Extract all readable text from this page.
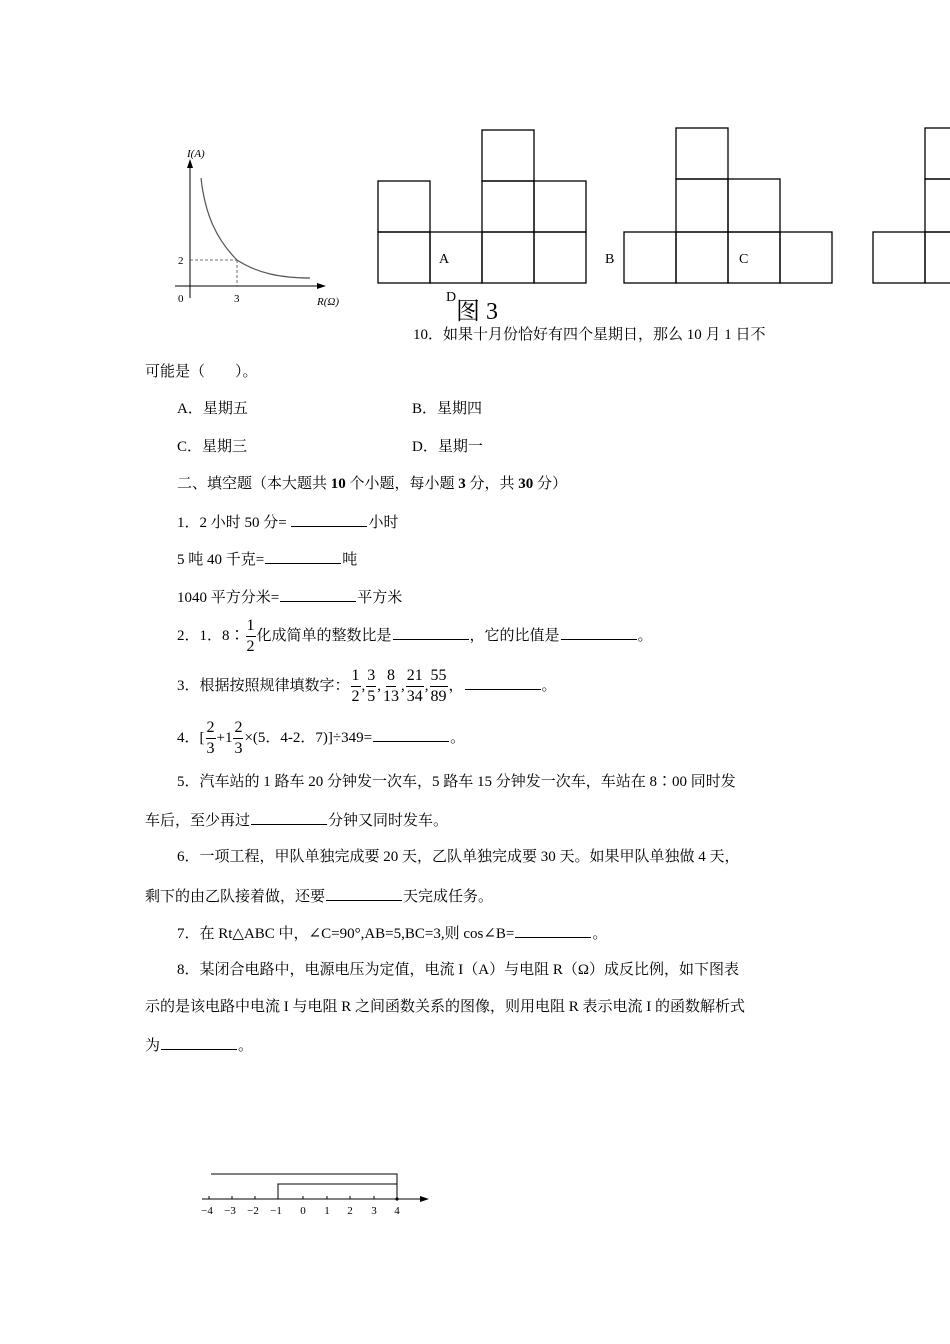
I(A)
R(Ω)
0
2
3
A	B	C
D
图 3
10．如果十月份恰好有四个星期日，那么 10 月 1 日不
可能是（　　）。
A．星期五	B．星期四
C．星期三	D．星期一
二、填空题（本大题共 10 个小题，每小题 3 分，共 30 分）
1．2 小时 50 分=	小时
5 吨 40 千克=	吨
1040 平方分米=	平方米
2．1．8∶ $\frac{1}{2}$ 化成简单的整数比是	，它的比值是	。
3．根据按照规律填数字： $\frac{1}{2}$ , $\frac{3}{5}$ , $\frac{8}{13}$ , $\frac{21}{34}$ , $\frac{55}{89}$ ，	。
4．[ $\frac{2}{3} +1 \frac{2}{3} \times(5$．4-2．7)]÷349=	。
5．汽车站的 1 路车 20 分钟发一次车，5 路车 15 分钟发一次车，车站在 8∶00 同时发
车后，至少再过	分钟又同时发车。
6．一项工程，甲队单独完成要 20 天，乙队单独完成要 30 天。如果甲队单独做 4 天，
剩下的由乙队接着做，还要	天完成任务。
7．在 Rt△ABC 中，∠C=90°,AB=5,BC=3,则 cos∠B=	。
8．某闭合电路中，电源电压为定值，电流 I（A）与电阻 R（Ω）成反比例，如下图表
示的是该电路中电流 I 与电阻 R 之间函数关系的图像，则用电阻 R 表示电流 I 的函数解析式
为	。
−4 −3 −2 −1 0 1 2 3 4
